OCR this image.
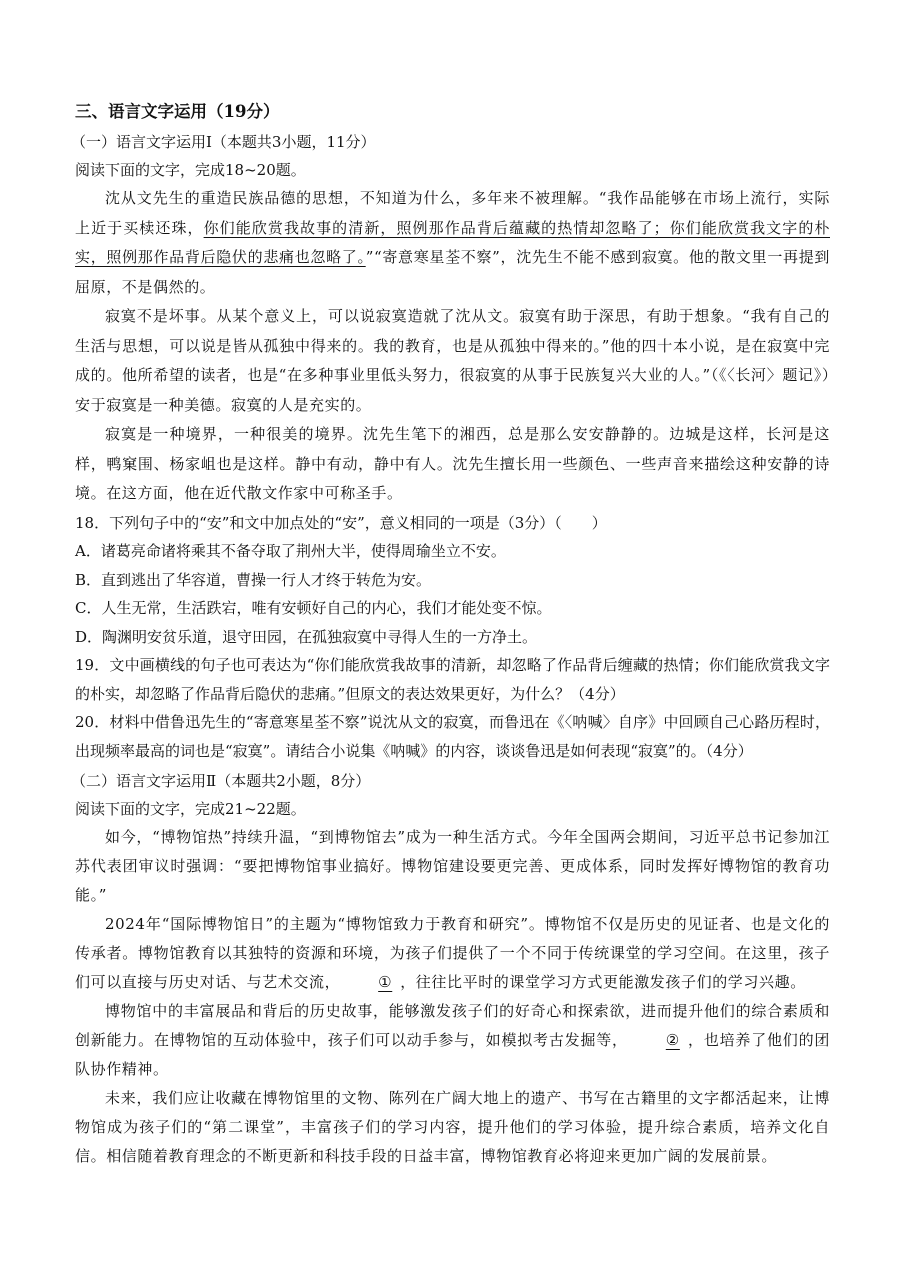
三、语言文字运用（19分）
（一）语言文字运用Ⅰ（本题共3小题，11分）
阅读下面的文字，完成18~20题。

沈从文先生的重造民族品德的思想，不知道为什么，多年来不被理解。“我作品能够在市场上流行，实际上近于买椟还珠，你们能欣赏我故事的清新，照例那作品背后蕴藏的热情却忽略了；你们能欣赏我文字的朴实，照例那作品背后隐伏的悲痛也忽略了。”“寄意寒星荃不察”，沈先生不能不感到寂寞。他的散文里一再提到屈原，不是偶然的。

寂寞不是坏事。从某个意义上，可以说寂寞造就了沈从文。寂寞有助于深思，有助于想象。“我有自己的生活与思想，可以说是皆从孤独中得来的。我的教育，也是从孤独中得来的。”他的四十本小说，是在寂寞中完成的。他所希望的读者，也是“在多种事业里低头努力，很寂寞的从事于民族复兴大业的人。”（《〈长河〉题记》）安于寂寞是一种美德。寂寞的人是充实的。

寂寞是一种境界，一种很美的境界。沈先生笔下的湘西，总是那么安安静静的。边城是这样，长河是这样，鸭窠围、杨家岨也是这样。静中有动，静中有人。沈先生擅长用一些颜色、一些声音来描绘这种安静的诗境。在这方面，他在近代散文作家中可称圣手。

18．下列句子中的“安”和文中加点处的“安”，意义相同的一项是（3分）（　　）

A．诸葛亮命诸将乘其不备夺取了荆州大半，使得周瑜坐立不安。

B．直到逃出了华容道，曹操一行人才终于转危为安。

C．人生无常，生活跌宕，唯有安顿好自己的内心，我们才能处变不惊。

D．陶渊明安贫乐道，退守田园，在孤独寂寞中寻得人生的一方净土。

19．文中画横线的句子也可表达为“你们能欣赏我故事的清新，却忽略了作品背后缠藏的热情；你们能欣赏我文字的朴实，却忽略了作品背后隐伏的悲痛。”但原文的表达效果更好，为什么？（4分）

20．材料中借鲁迅先生的“寄意寒星荃不察”说沈从文的寂寞，而鲁迅在《〈呐喊〉自序》中回顾自己心路历程时，出现频率最高的词也是“寂寞”。请结合小说集《呐喊》的内容，谈谈鲁迅是如何表现“寂寞”的。（4分）

（二）语言文字运用Ⅱ（本题共2小题，8分）
阅读下面的文字，完成21~22题。

如今，“博物馆热”持续升温，“到博物馆去”成为一种生活方式。今年全国两会期间，习近平总书记参加江苏代表团审议时强调：“要把博物馆事业搞好。博物馆建设要更完善、更成体系，同时发挥好博物馆的教育功能。”

2024年“国际博物馆日”的主题为“博物馆致力于教育和研究”。博物馆不仅是历史的见证者、也是文化的传承者。博物馆教育以其独特的资源和环境，为孩子们提供了一个不同于传统课堂的学习空间。在这里，孩子们可以直接与历史对话、与艺术交流，	① ，往往比平时的课堂学习方式更能激发孩子们的学习兴趣。

博物馆中的丰富展品和背后的历史故事，能够激发孩子们的好奇心和探索欲，进而提升他们的综合素质和创新能力。在博物馆的互动体验中，孩子们可以动手参与，如模拟考古发掘等，	② ，也培养了他们的团队协作精神。

未来，我们应让收藏在博物馆里的文物、陈列在广阔大地上的遗产、书写在古籍里的文字都活起来，让博物馆成为孩子们的“第二课堂”，丰富孩子们的学习内容，提升他们的学习体验，提升综合素质，培养文化自信。相信随着教育理念的不断更新和科技手段的日益丰富，博物馆教育必将迎来更加广阔的发展前景。
